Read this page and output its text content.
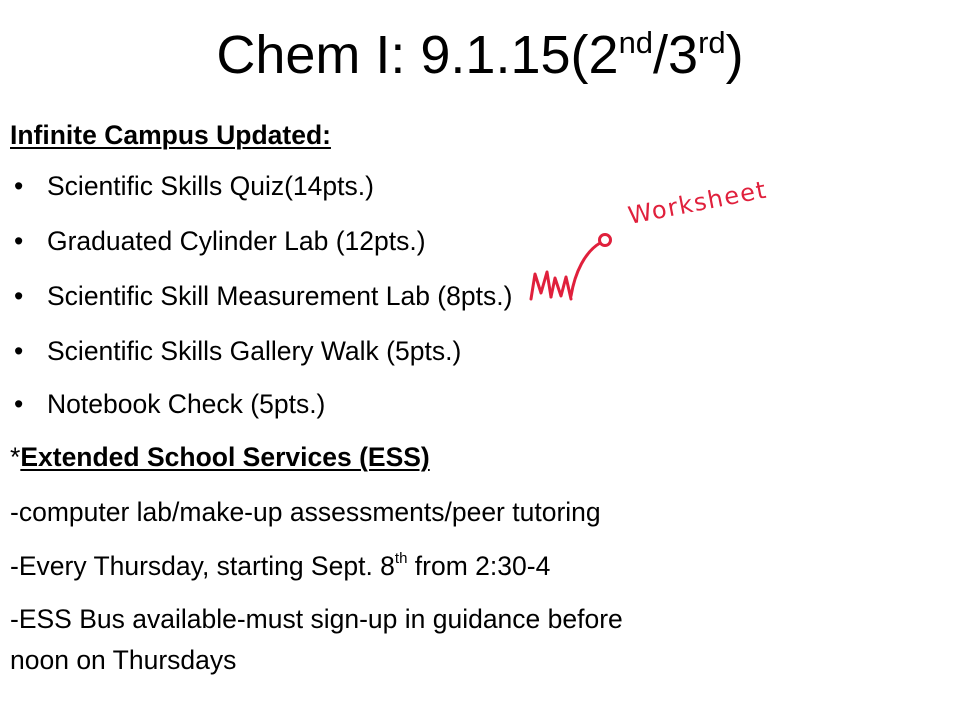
Chem I: 9.1.15(2nd/3rd)
Infinite Campus Updated:
• Scientific Skills Quiz(14pts.)
• Graduated Cylinder Lab (12pts.)
• Scientific Skill Measurement Lab (8pts.)
• Scientific Skills Gallery Walk (5pts.)
• Notebook Check (5pts.)
*Extended School Services (ESS)
-computer lab/make-up assessments/peer tutoring
-Every Thursday, starting Sept. 8th from 2:30-4
-ESS Bus available-must sign-up in guidance before
noon on Thursdays
Worksheet
